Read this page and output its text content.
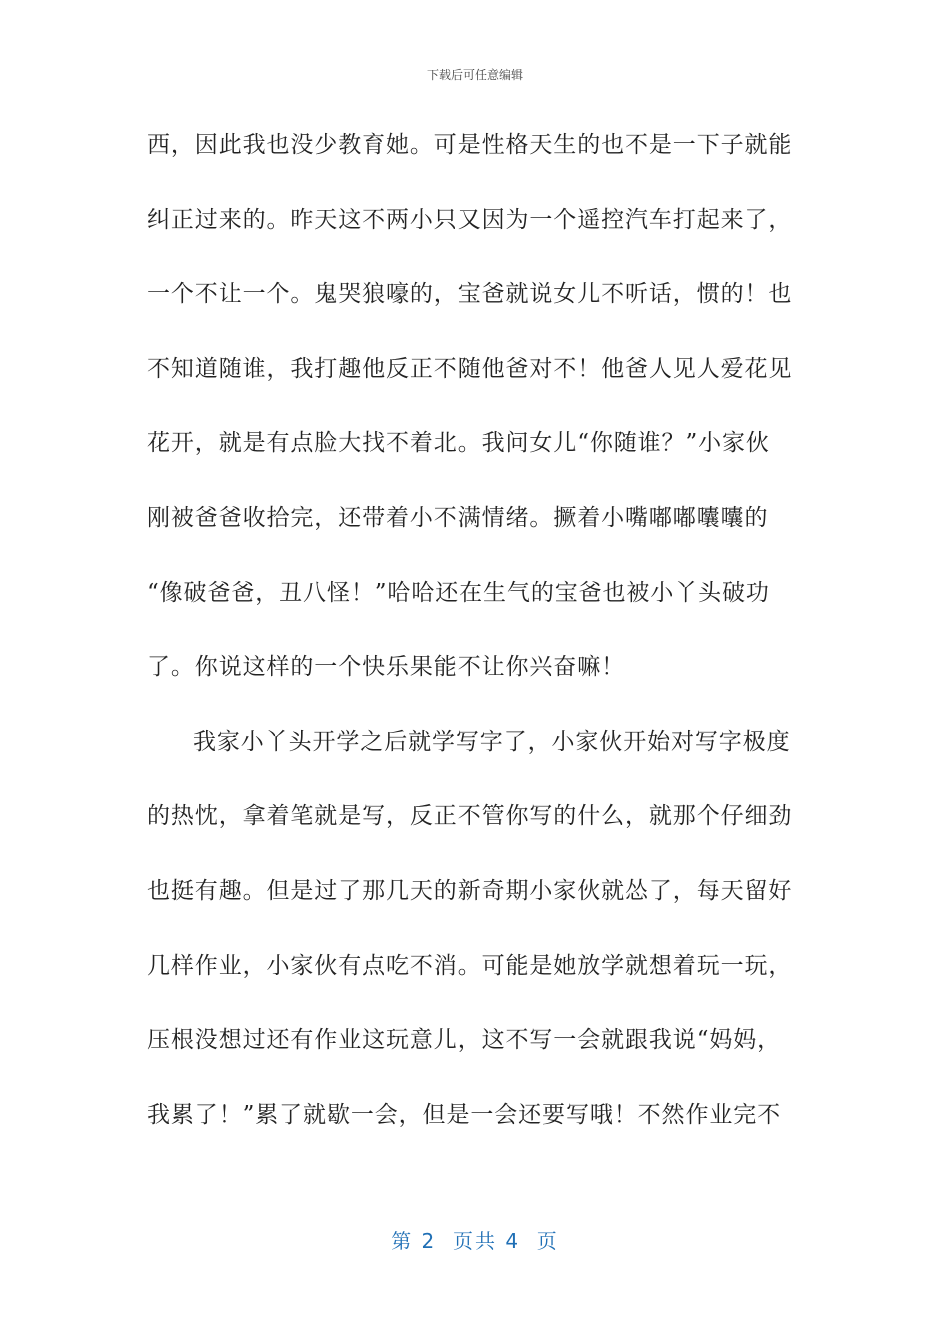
下载后可任意编辑
西，因此我也没少教育她。可是性格天生的也不是一下子就能
纠正过来的。昨天这不两小只又因为一个遥控汽车打起来了，
一个不让一个。鬼哭狼嚎的，宝爸就说女儿不听话，惯的！也
不知道随谁，我打趣他反正不随他爸对不！他爸人见人爱花见
花开，就是有点脸大找不着北。我问女儿“你随谁？”小家伙
刚被爸爸收拾完，还带着小不满情绪。撅着小嘴嘟嘟囔囔的
“像破爸爸，丑八怪！”哈哈还在生气的宝爸也被小丫头破功
了。你说这样的一个快乐果能不让你兴奋嘛！
我家小丫头开学之后就学写字了，小家伙开始对写字极度
的热忱，拿着笔就是写，反正不管你写的什么，就那个仔细劲
也挺有趣。但是过了那几天的新奇期小家伙就怂了，每天留好
几样作业，小家伙有点吃不消。可能是她放学就想着玩一玩，
压根没想过还有作业这玩意儿，这不写一会就跟我说“妈妈，
我累了！”累了就歇一会，但是一会还要写哦！不然作业完不
第 2  页共 4  页
